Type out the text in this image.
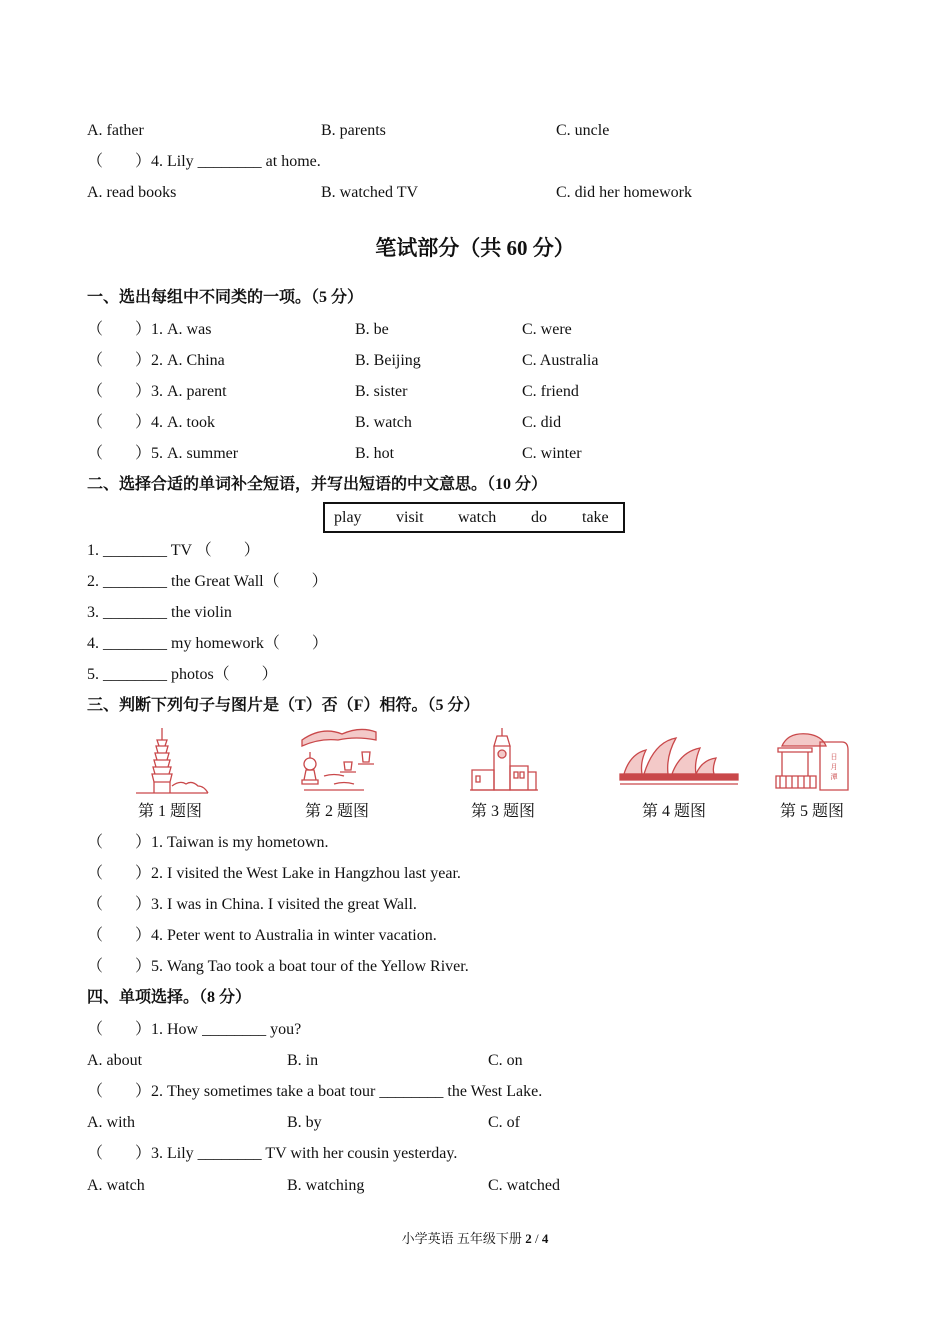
A. father	B. parents	C. uncle
（　　）4. Lily ________ at home.
A. read books	B. watched TV	C. did her homework
笔试部分（共 60 分）
一、选出每组中不同类的一项。（5 分）
（　　）1. A. was	B. be	C. were
（　　）2. A. China	B. Beijing	C. Australia
（　　）3. A. parent	B. sister	C. friend
（　　）4. A. took	B. watch	C. did
（　　）5. A. summer	B. hot	C. winter
二、选择合适的单词补全短语，并写出短语的中文意思。（10 分）
play visit watch do take
1. ________ TV （　　）
2. ________ the Great Wall（　　）
3. ________ the violin
4. ________ my homework（　　）
5. ________ photos（　　）
三、判断下列句子与图片是（T）否（F）相符。（5 分）
日
月
潭
第 1 题图	第 2 题图	第 3 题图	第 4 题图	第 5 题图
（　　）1. Taiwan is my hometown.
（　　）2. I visited the West Lake in Hangzhou last year.
（　　）3. I was in China. I visited the great Wall.
（　　）4. Peter went to Australia in winter vacation.
（　　）5. Wang Tao took a boat tour of the Yellow River.
四、单项选择。（8 分）
（　　）1. How ________ you?
A. about	B. in	C. on
（　　）2. They sometimes take a boat tour ________ the West Lake.
A. with	B. by	C. of
（　　）3. Lily ________ TV with her cousin yesterday.
A. watch	B. watching	C. watched
小学英语 五年级下册 2 / 4
